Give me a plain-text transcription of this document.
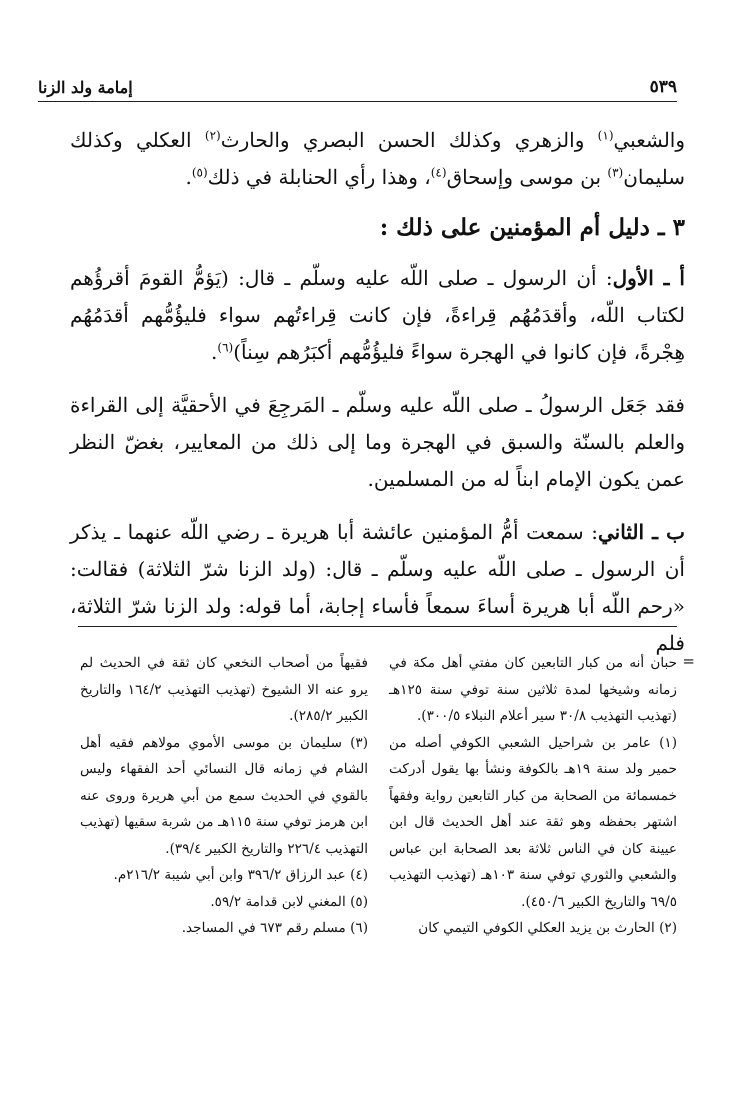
٥٣٩
إمامة ولد الزنا

والشعبي$^{(١)}$ والزهري وكذلك الحسن البصري والحارث$^{(٢)}$ العكلي وكذلك سليمان$^{(٣)}$ بن موسى وإسحاق$^{(٤)}$، وهذا رأي الحنابلة في ذلك$^{(٥)}$.

٣ ـ دليل أم المؤمنين على ذلك :

أ ـ الأول: أن الرسول ـ صلى اللّه عليه وسلّم ـ قال: (يَؤمُّ القومَ أقرؤُهم لكتاب اللّه، وأقدَمُهُم قِراءةً، فإن كانت قِراءتُهم سواء فليؤُمُّهم أقدَمُهُم هِجْرةً، فإن كانوا في الهجرة سواءً فليؤُمُّهم أكبَرُهم سِناً)$^{(٦)}$.

فقد جَعَل الرسولُ ـ صلى اللّه عليه وسلّم ـ المَرجِعَ في الأحقيَّة إلى القراءة والعلم بالسنّة والسبق في الهجرة وما إلى ذلك من المعايير، بغضّ النظر عمن يكون الإمام ابناً له من المسلمين.

ب ـ الثاني: سمعت أمُّ المؤمنين عائشة أبا هريرة ـ رضي اللّه عنهما ـ يذكر أن الرسول ـ صلى اللّه عليه وسلّم ـ قال: (ولد الزنا شرّ الثلاثة) فقالت: «رحم اللّه أبا هريرة أساءَ سمعاً فأساء إجابة، أما قوله: ولد الزنا شرّ الثلاثة، فلم

=

حبان أنه من كبار التابعين كان مفتي أهل مكة في زمانه وشيخها لمدة ثلاثين سنة توفي سنة ١٢٥هـ (تهذيب التهذيب ٣٠/٨ سير أعلام النبلاء ٣٠٠/٥).

(١) عامر بن شراحيل الشعبي الكوفي أصله من حمير ولد سنة ١٩هـ بالكوفة ونشأ بها يقول أدركت خمسمائة من الصحابة من كبار التابعين رواية وفقهاً اشتهر بحفظه وهو ثقة عند أهل الحديث قال ابن عيينة كان في الناس ثلاثة بعد الصحابة ابن عباس والشعبي والثوري توفي سنة ١٠٣هـ (تهذيب التهذيب ٦٩/٥ والتاريخ الكبير ٤٥٠/٦).

(٢) الحارث بن يزيد العكلي الكوفي التيمي كان

فقيهاً من أصحاب النخعي كان ثقة في الحديث لم يرو عنه الا الشيوخ (تهذيب التهذيب ١٦٤/٢ والتاريخ الكبير ٢٨٥/٢).

(٣) سليمان بن موسى الأموي مولاهم فقيه أهل الشام في زمانه قال النسائي أحد الفقهاء وليس بالقوي في الحديث سمع من أبي هريرة وروى عنه ابن هرمز توفي سنة ١١٥هـ من شربة سقيها (تهذيب التهذيب ٢٢٦/٤ والتاريخ الكبير ٣٩/٤).

(٤) عبد الرزاق ٣٩٦/٢ وابن أبي شيبة ٢١٦/٢م.

(٥) المغني لابن قدامة ٥٩/٢.

(٦) مسلم رقم ٦٧٣ في المساجد.
